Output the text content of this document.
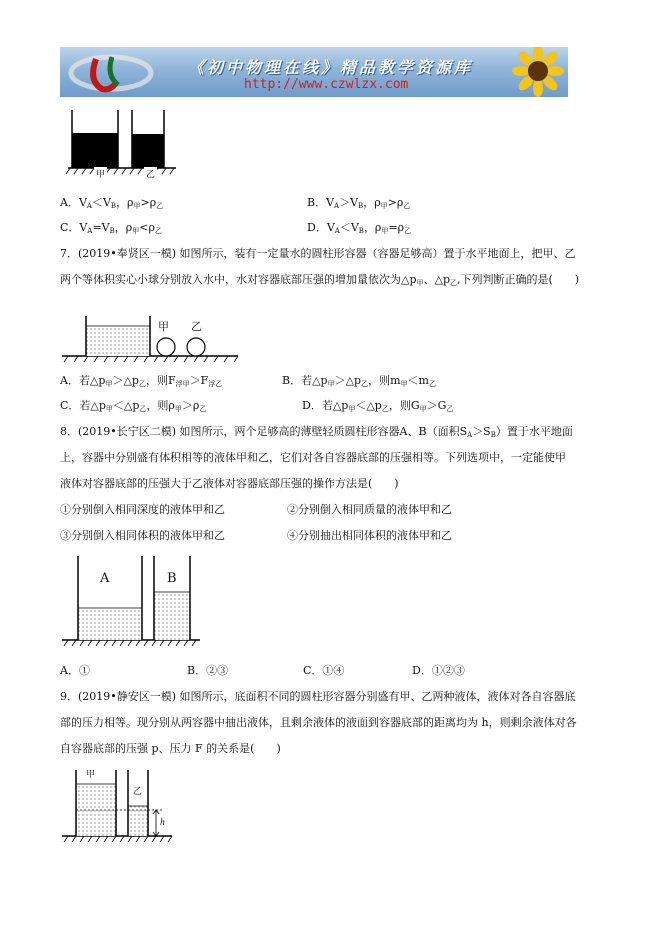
《初中物理在线》精品教学资源库
http://www.czwlzx.com
甲	乙
A．$V_A<V_B$，$\rho_甲>\rho_乙$	B．$V_A>V_B$，$\rho_甲>\rho_乙$
C．$V_A=V_B$，$\rho_甲<\rho_乙$	D．$V_A<V_B$，$\rho_甲=\rho_乙$
7．(2019•奉贤区一模) 如图所示，装有一定量水的圆柱形容器（容器足够高）置于水平地面上，把甲、乙
两个等体积实心小球分别放入水中，水对容器底部压强的增加量依次为$\triangle p_甲$、$\triangle p_乙$,下列判断正确的是(　　)
甲 乙
A．若$\triangle p_甲>\triangle p_乙$，则$F_{浮甲}>F_{浮乙}$	B．若$\triangle p_甲>\triangle p_乙$，则$m_甲<m_乙$
C．若$\triangle p_甲<\triangle p_乙$，则$\rho_甲>\rho_乙$	D．若$\triangle p_甲<\triangle p_乙$，则$G_甲>G_乙$
8．(2019•长宁区二模) 如图所示，两个足够高的薄壁轻质圆柱形容器A、B（面积$S_A>S_B$）置于水平地面
上，容器中分别盛有体积相等的液体甲和乙，它们对各自容器底部的压强相等。下列选项中，一定能使甲
液体对容器底部的压强大于乙液体对容器底部压强的操作方法是(　　)
①分别倒入相同深度的液体甲和乙	②分别倒入相同质量的液体甲和乙
③分别倒入相同体积的液体甲和乙	④分别抽出相同体积的液体甲和乙
A	B
A．①	B．②③	C．①④	D．①②③
9．(2019•静安区一模) 如图所示，底面积不同的圆柱形容器分别盛有甲、乙两种液体，液体对各自容器底
部的压力相等。现分别从两容器中抽出液体，且剩余液体的液面到容器底部的距离均为 h，则剩余液体对各
自容器底部的压强 p、压力 F 的关系是(　　)
甲
乙
h
